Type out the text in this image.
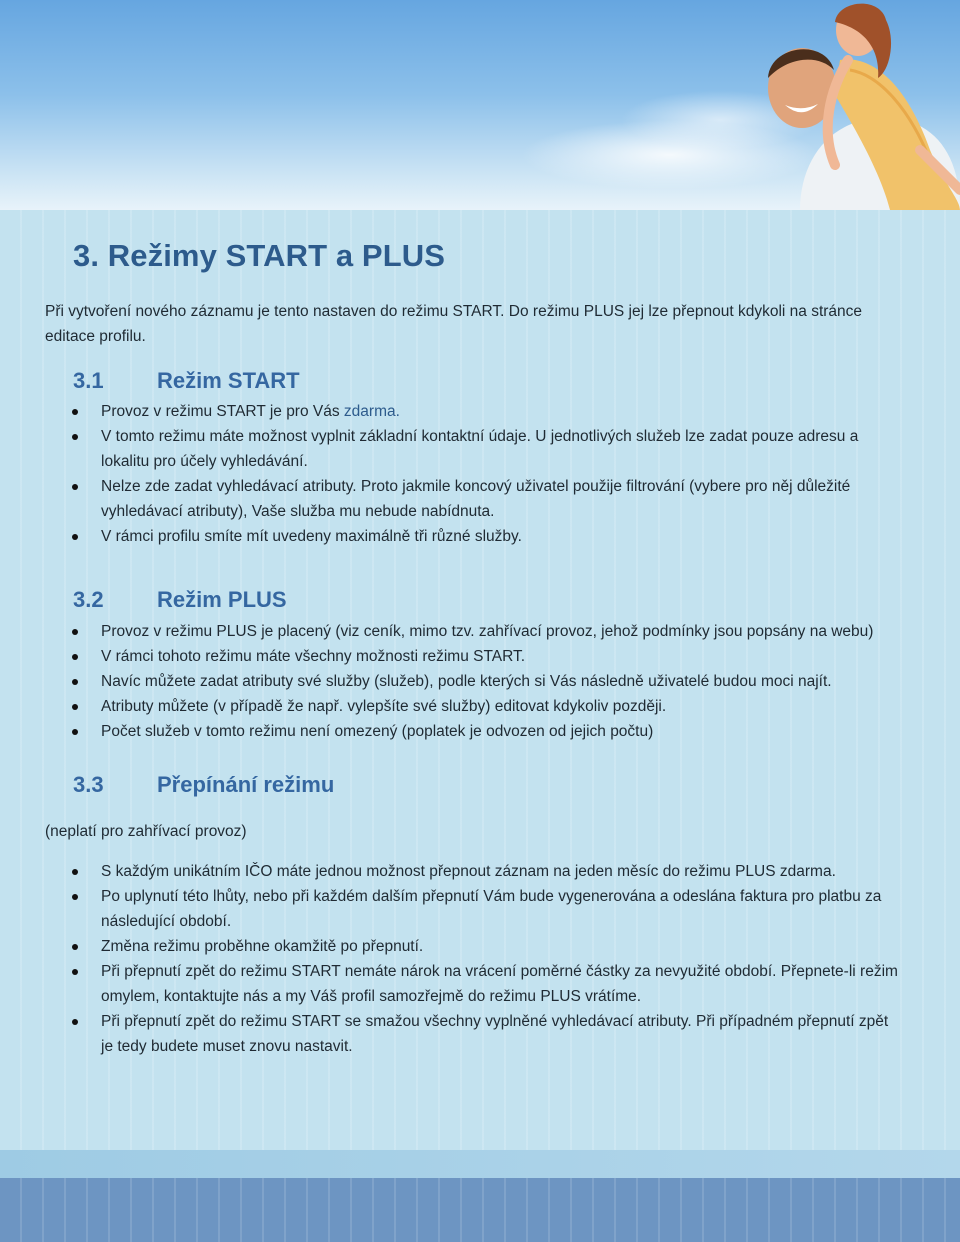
3. Režimy START a PLUS
Při vytvoření nového záznamu je tento nastaven do režimu START. Do režimu PLUS jej lze přepnout kdykoli na stránce editace profilu.
3.1 Režim START
Provoz v režimu START je pro Vás zdarma.
V tomto režimu máte možnost vyplnit základní kontaktní údaje. U jednotlivých služeb lze zadat pouze adresu a lokalitu pro účely vyhledávání.
Nelze zde zadat vyhledávací atributy. Proto jakmile koncový uživatel použije filtrování (vybere pro něj důležité vyhledávací atributy), Vaše služba mu nebude nabídnuta.
V rámci profilu smíte mít uvedeny maximálně tři různé služby.
3.2 Režim PLUS
Provoz v režimu PLUS je placený (viz ceník, mimo tzv. zahřívací provoz, jehož podmínky jsou popsány na webu)
V rámci tohoto režimu máte všechny možnosti režimu START.
Navíc můžete zadat atributy své služby (služeb), podle kterých si Vás následně uživatelé budou moci najít.
Atributy můžete (v případě že např. vylepšíte své služby) editovat kdykoliv později.
Počet služeb v tomto režimu není omezený (poplatek je odvozen od jejich počtu)
3.3 Přepínání režimu
(neplatí pro zahřívací provoz)
S každým unikátním IČO máte jednou možnost přepnout záznam na jeden měsíc do režimu PLUS zdarma.
Po uplynutí této lhůty, nebo při každém dalším přepnutí Vám bude vygenerována a odeslána faktura pro platbu za následující období.
Změna režimu proběhne okamžitě po přepnutí.
Při přepnutí zpět do režimu START nemáte nárok na vrácení poměrné částky za nevyužité období. Přepnete-li režim omylem, kontaktujte nás a my Váš profil samozřejmě do režimu PLUS vrátíme.
Při přepnutí zpět do režimu START se smažou všechny vyplněné vyhledávací atributy. Při případném přepnutí zpět je tedy budete muset znovu nastavit.
